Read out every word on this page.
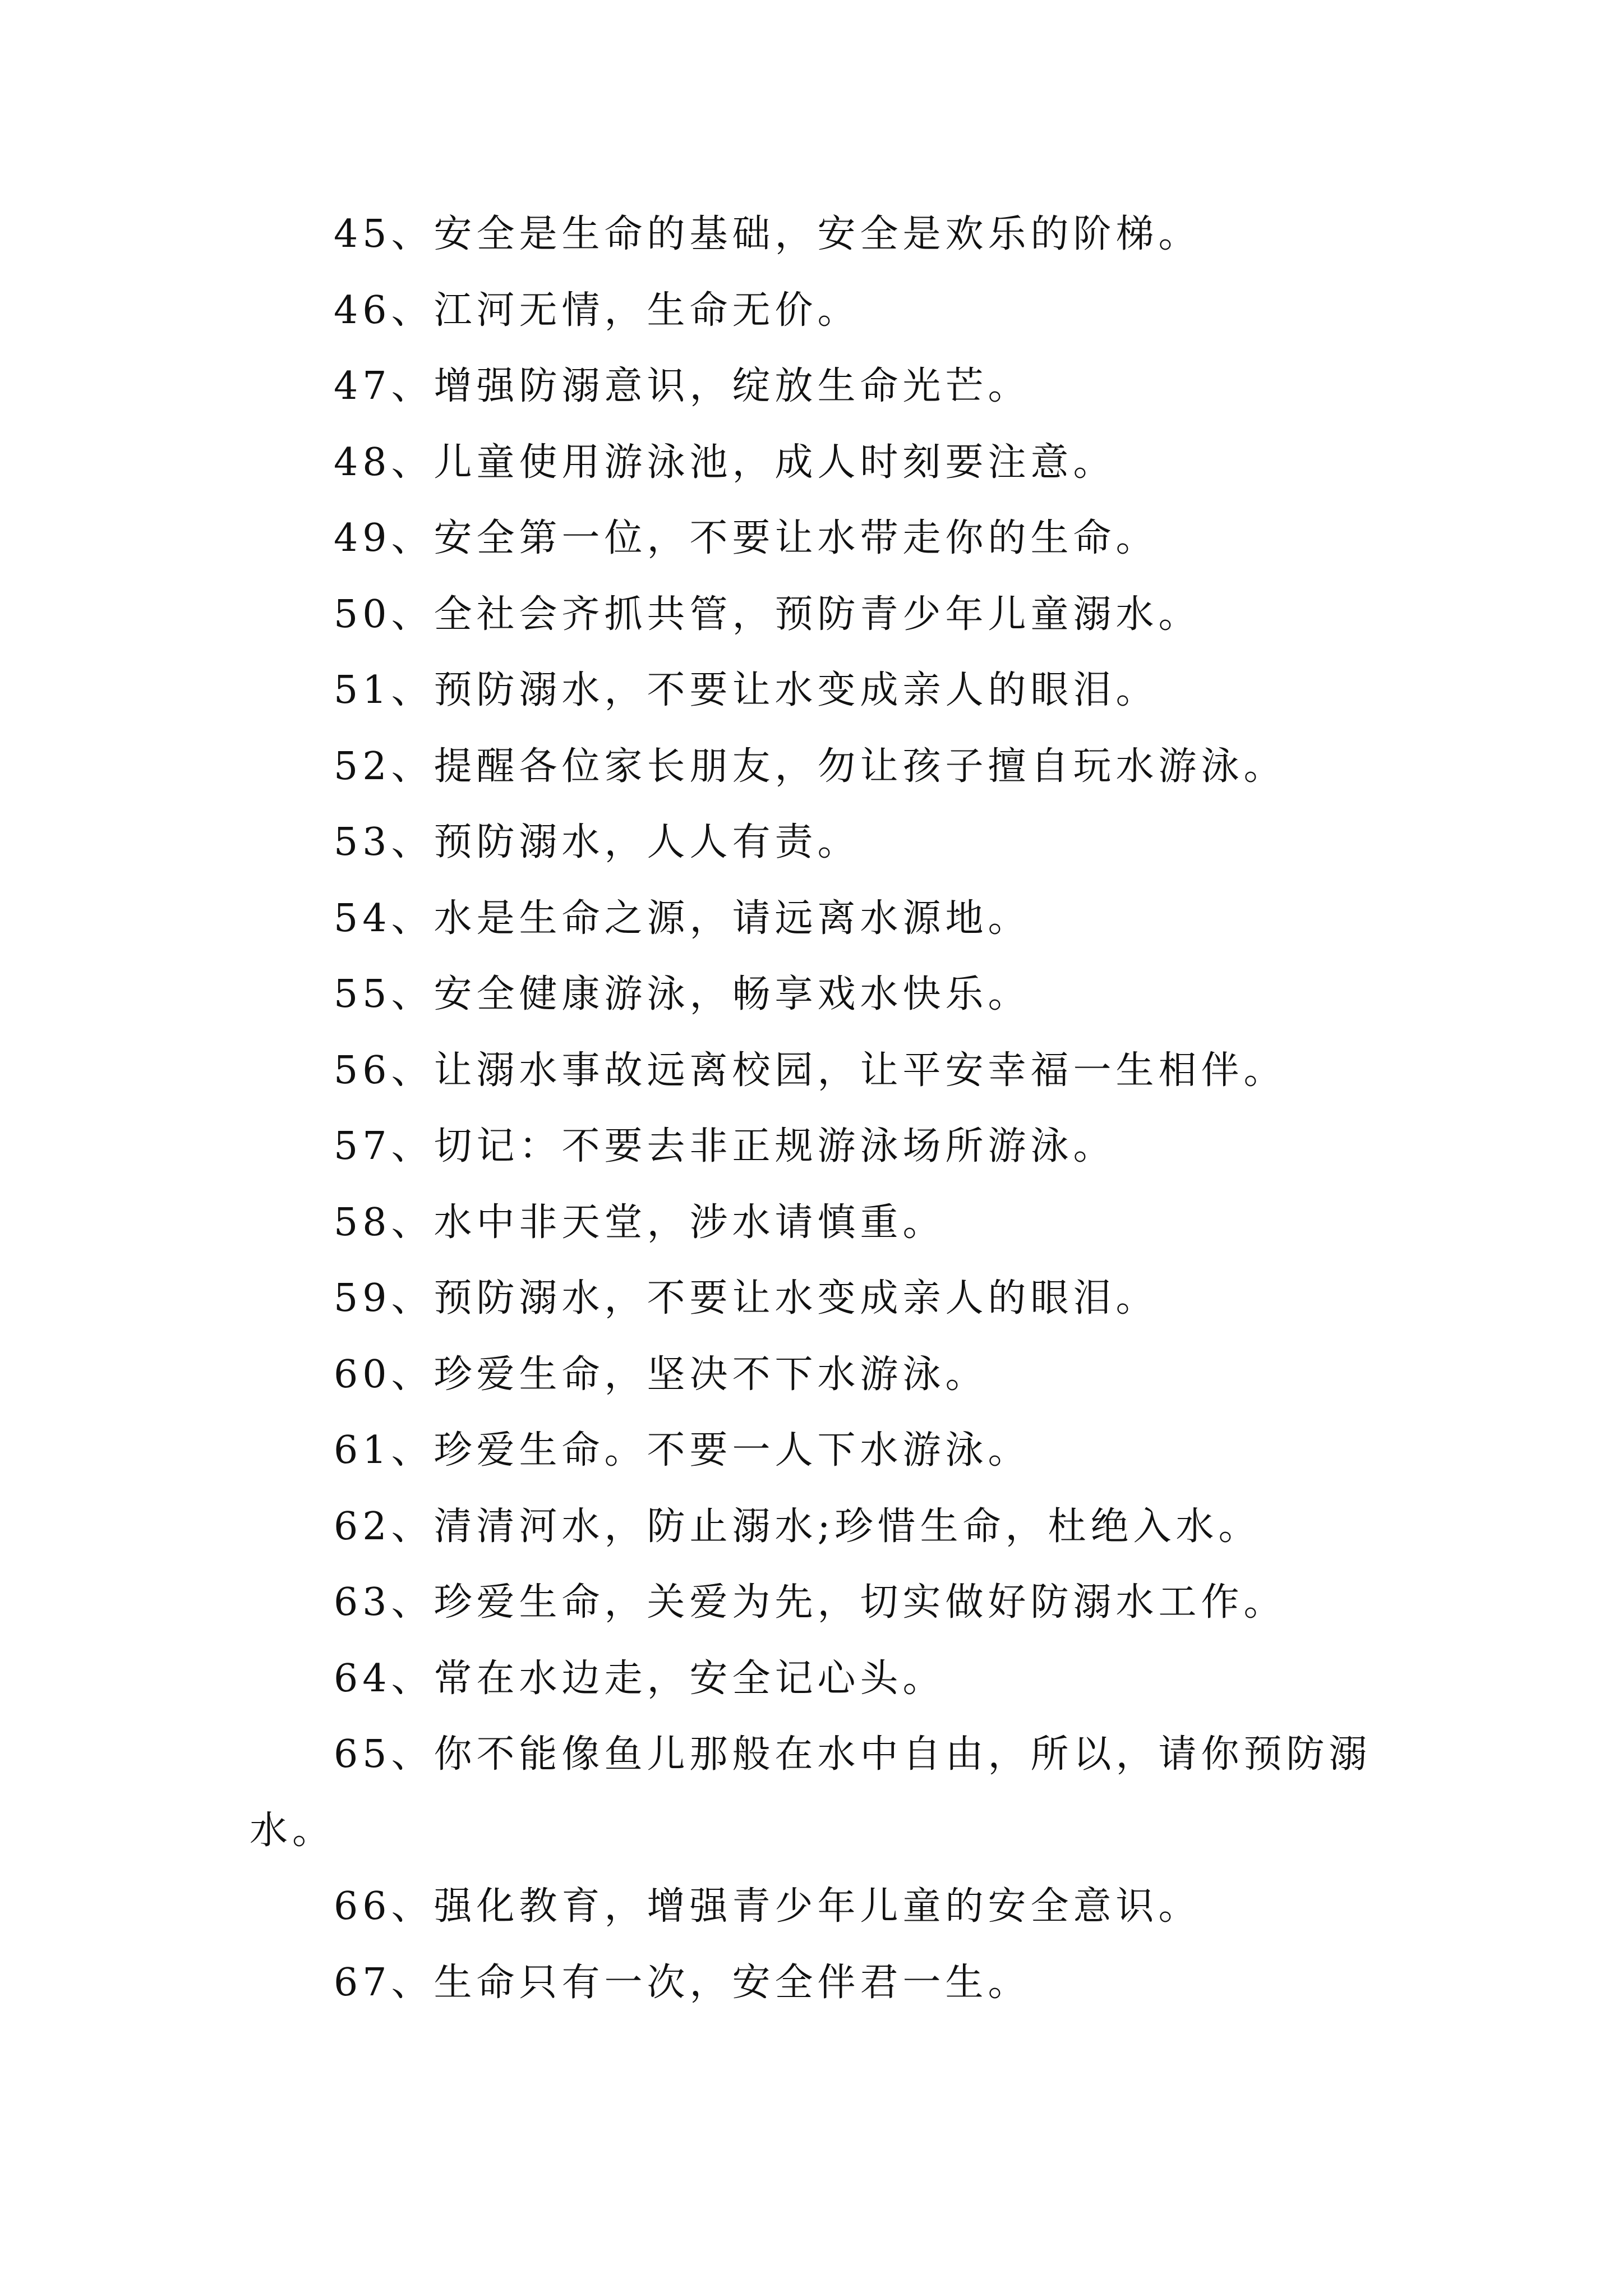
45、安全是生命的基础，安全是欢乐的阶梯。
46、江河无情，生命无价。
47、增强防溺意识，绽放生命光芒。
48、儿童使用游泳池，成人时刻要注意。
49、安全第一位，不要让水带走你的生命。
50、全社会齐抓共管，预防青少年儿童溺水。
51、预防溺水，不要让水变成亲人的眼泪。
52、提醒各位家长朋友，勿让孩子擅自玩水游泳。
53、预防溺水，人人有责。
54、水是生命之源，请远离水源地。
55、安全健康游泳，畅享戏水快乐。
56、让溺水事故远离校园，让平安幸福一生相伴。
57、切记：不要去非正规游泳场所游泳。
58、水中非天堂，涉水请慎重。
59、预防溺水，不要让水变成亲人的眼泪。
60、珍爱生命，坚决不下水游泳。
61、珍爱生命。不要一人下水游泳。
62、清清河水，防止溺水;珍惜生命，杜绝入水。
63、珍爱生命，关爱为先，切实做好防溺水工作。
64、常在水边走，安全记心头。
65、你不能像鱼儿那般在水中自由，所以，请你预防溺水。
66、强化教育，增强青少年儿童的安全意识。
67、生命只有一次，安全伴君一生。
